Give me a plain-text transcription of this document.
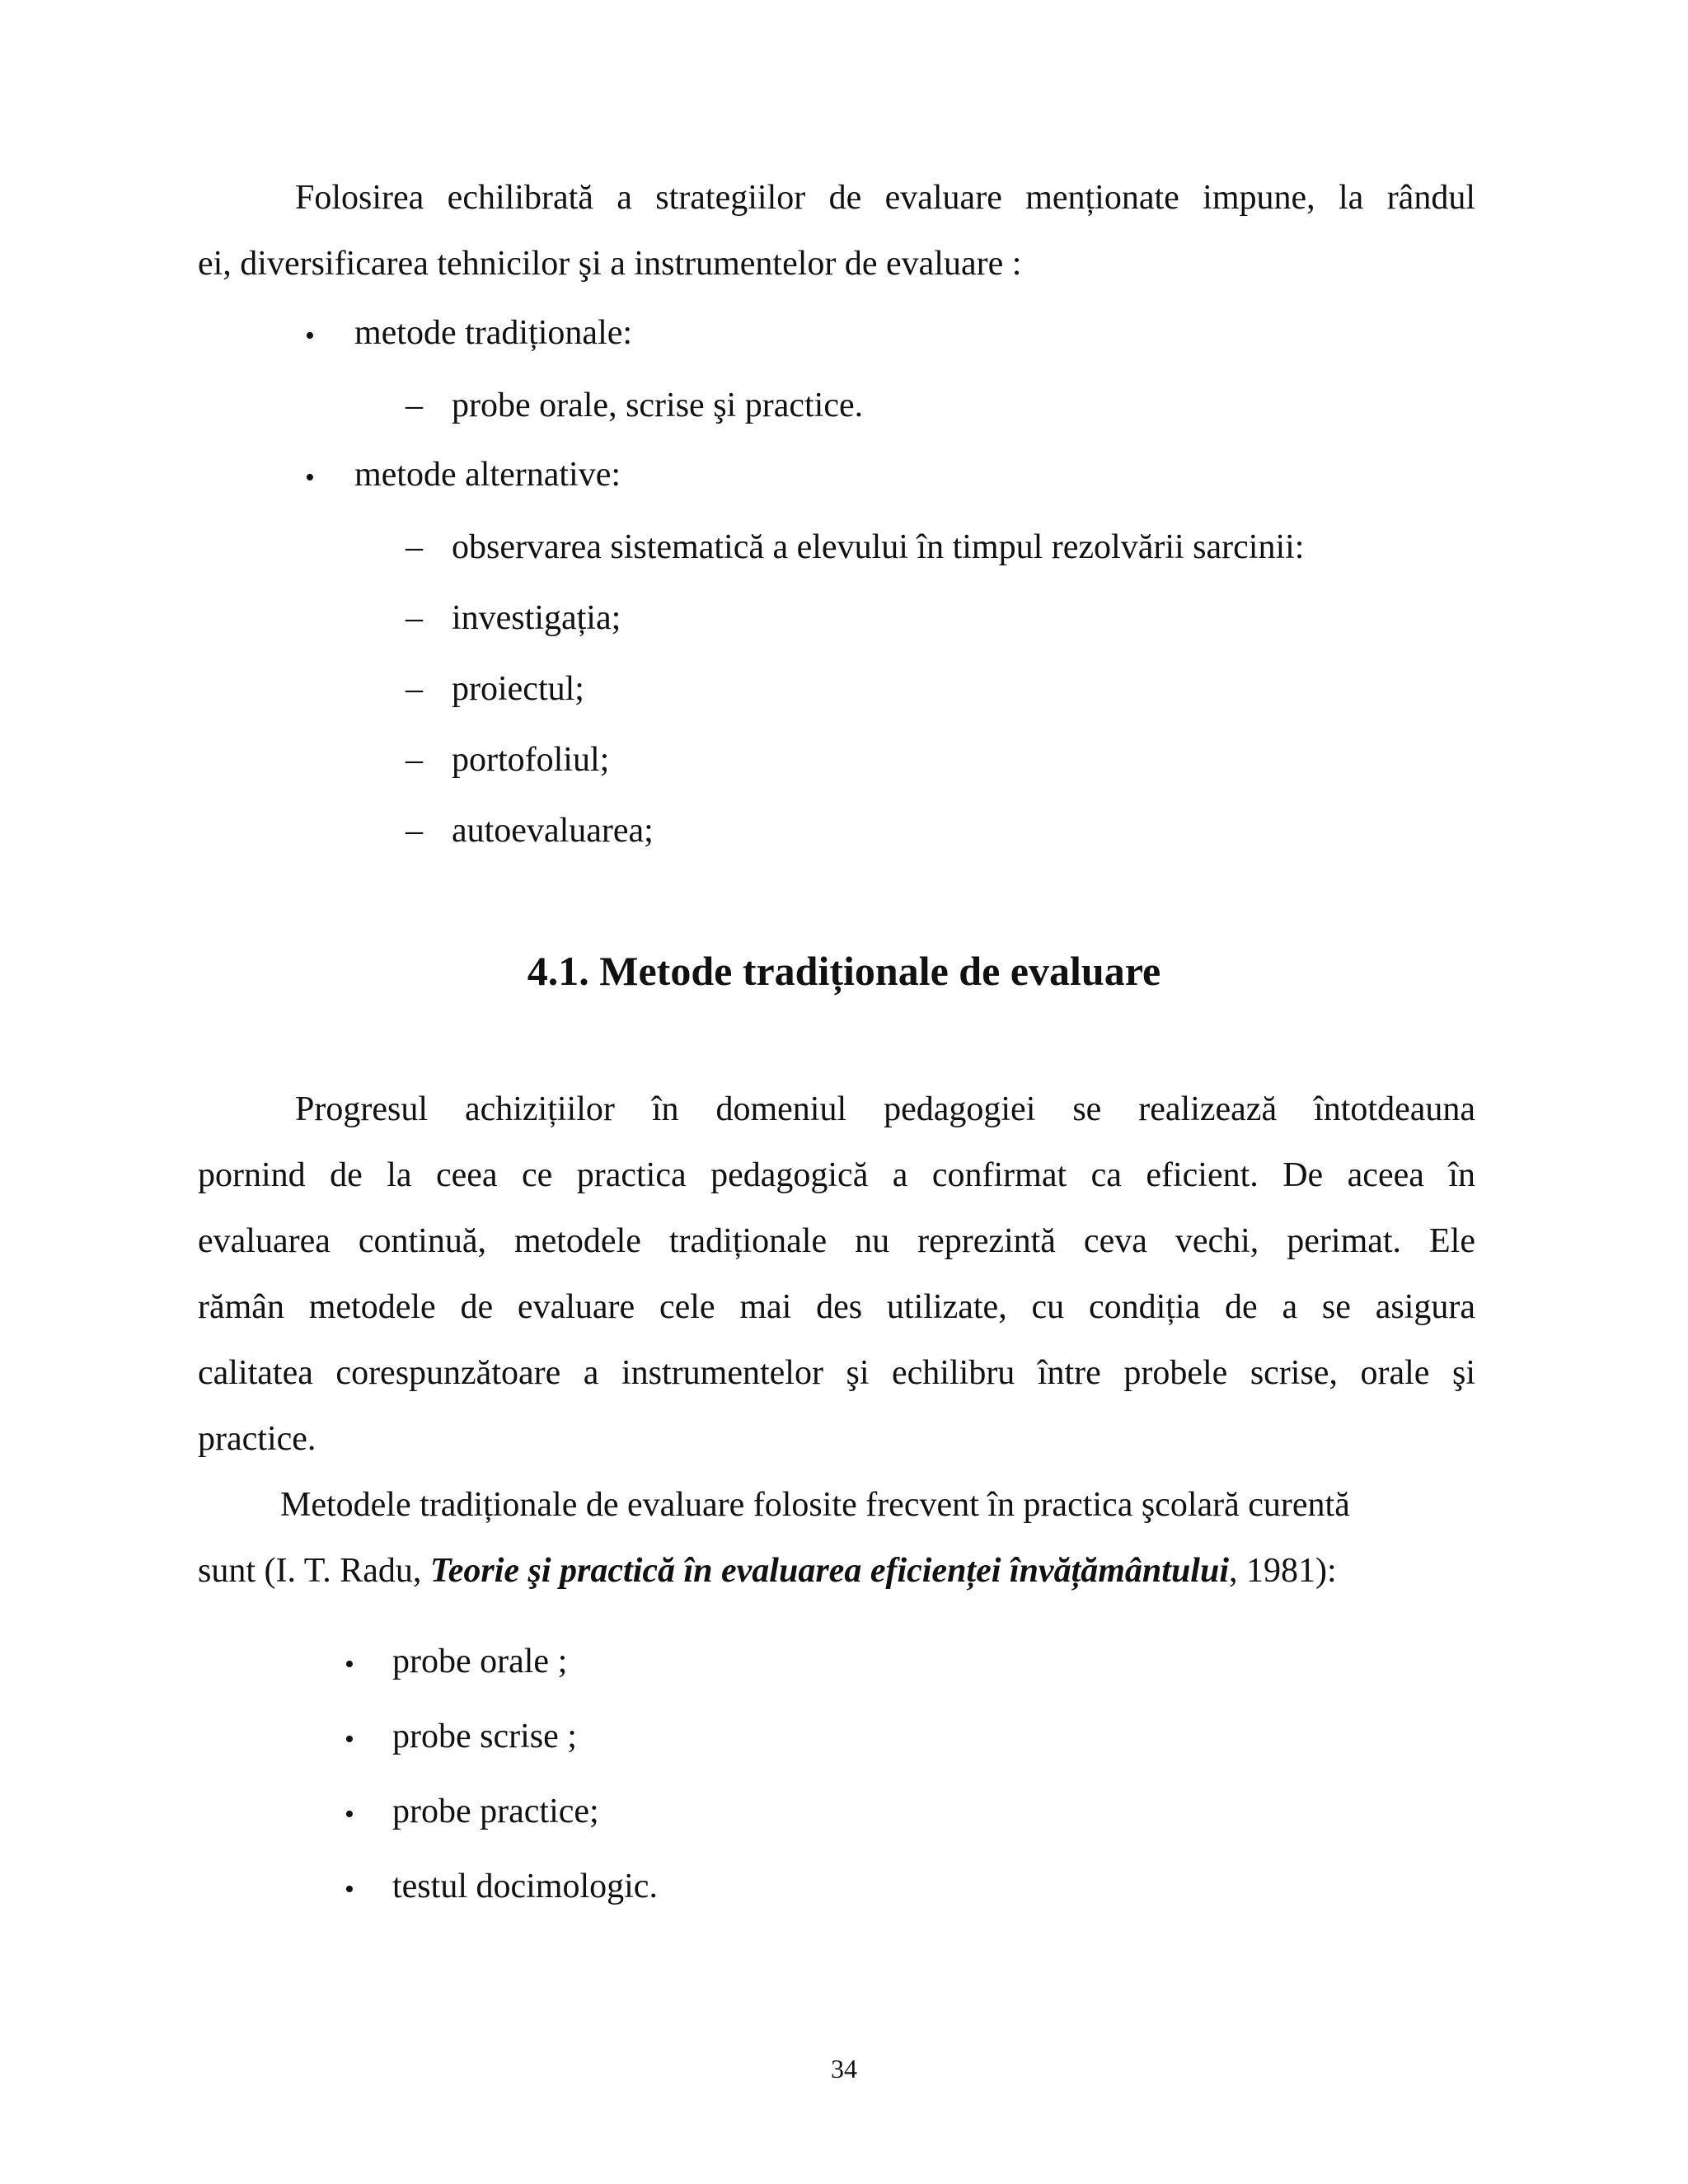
Folosirea echilibrată a strategiilor de evaluare menționate impune, la rândul

ei, diversificarea tehnicilor şi a instrumentelor de evaluare :

• metode tradiționale:
– probe orale, scrise şi practice.
• metode alternative:
– observarea sistematică a elevului în timpul rezolvării sarcinii:
– investigația;
– proiectul;
– portofoliul;
– autoevaluarea;
4.1. Metode tradiționale de evaluare

Progresul achizițiilor în domeniul pedagogiei se realizează întotdeauna

pornind de la ceea ce practica pedagogică a confirmat ca eficient. De aceea în

evaluarea continuă, metodele tradiționale nu reprezintă ceva vechi, perimat. Ele

rămân metodele de evaluare cele mai des utilizate, cu condiția de a se asigura

calitatea corespunzătoare a instrumentelor şi echilibru între probele scrise, orale şi

practice.

Metodele tradiționale de evaluare folosite frecvent în practica şcolară curentă

sunt (I. T. Radu, Teorie şi practică în evaluarea eficienței învățământului, 1981):

• probe orale ;
• probe scrise ;
• probe practice;
• testul docimologic.
34
